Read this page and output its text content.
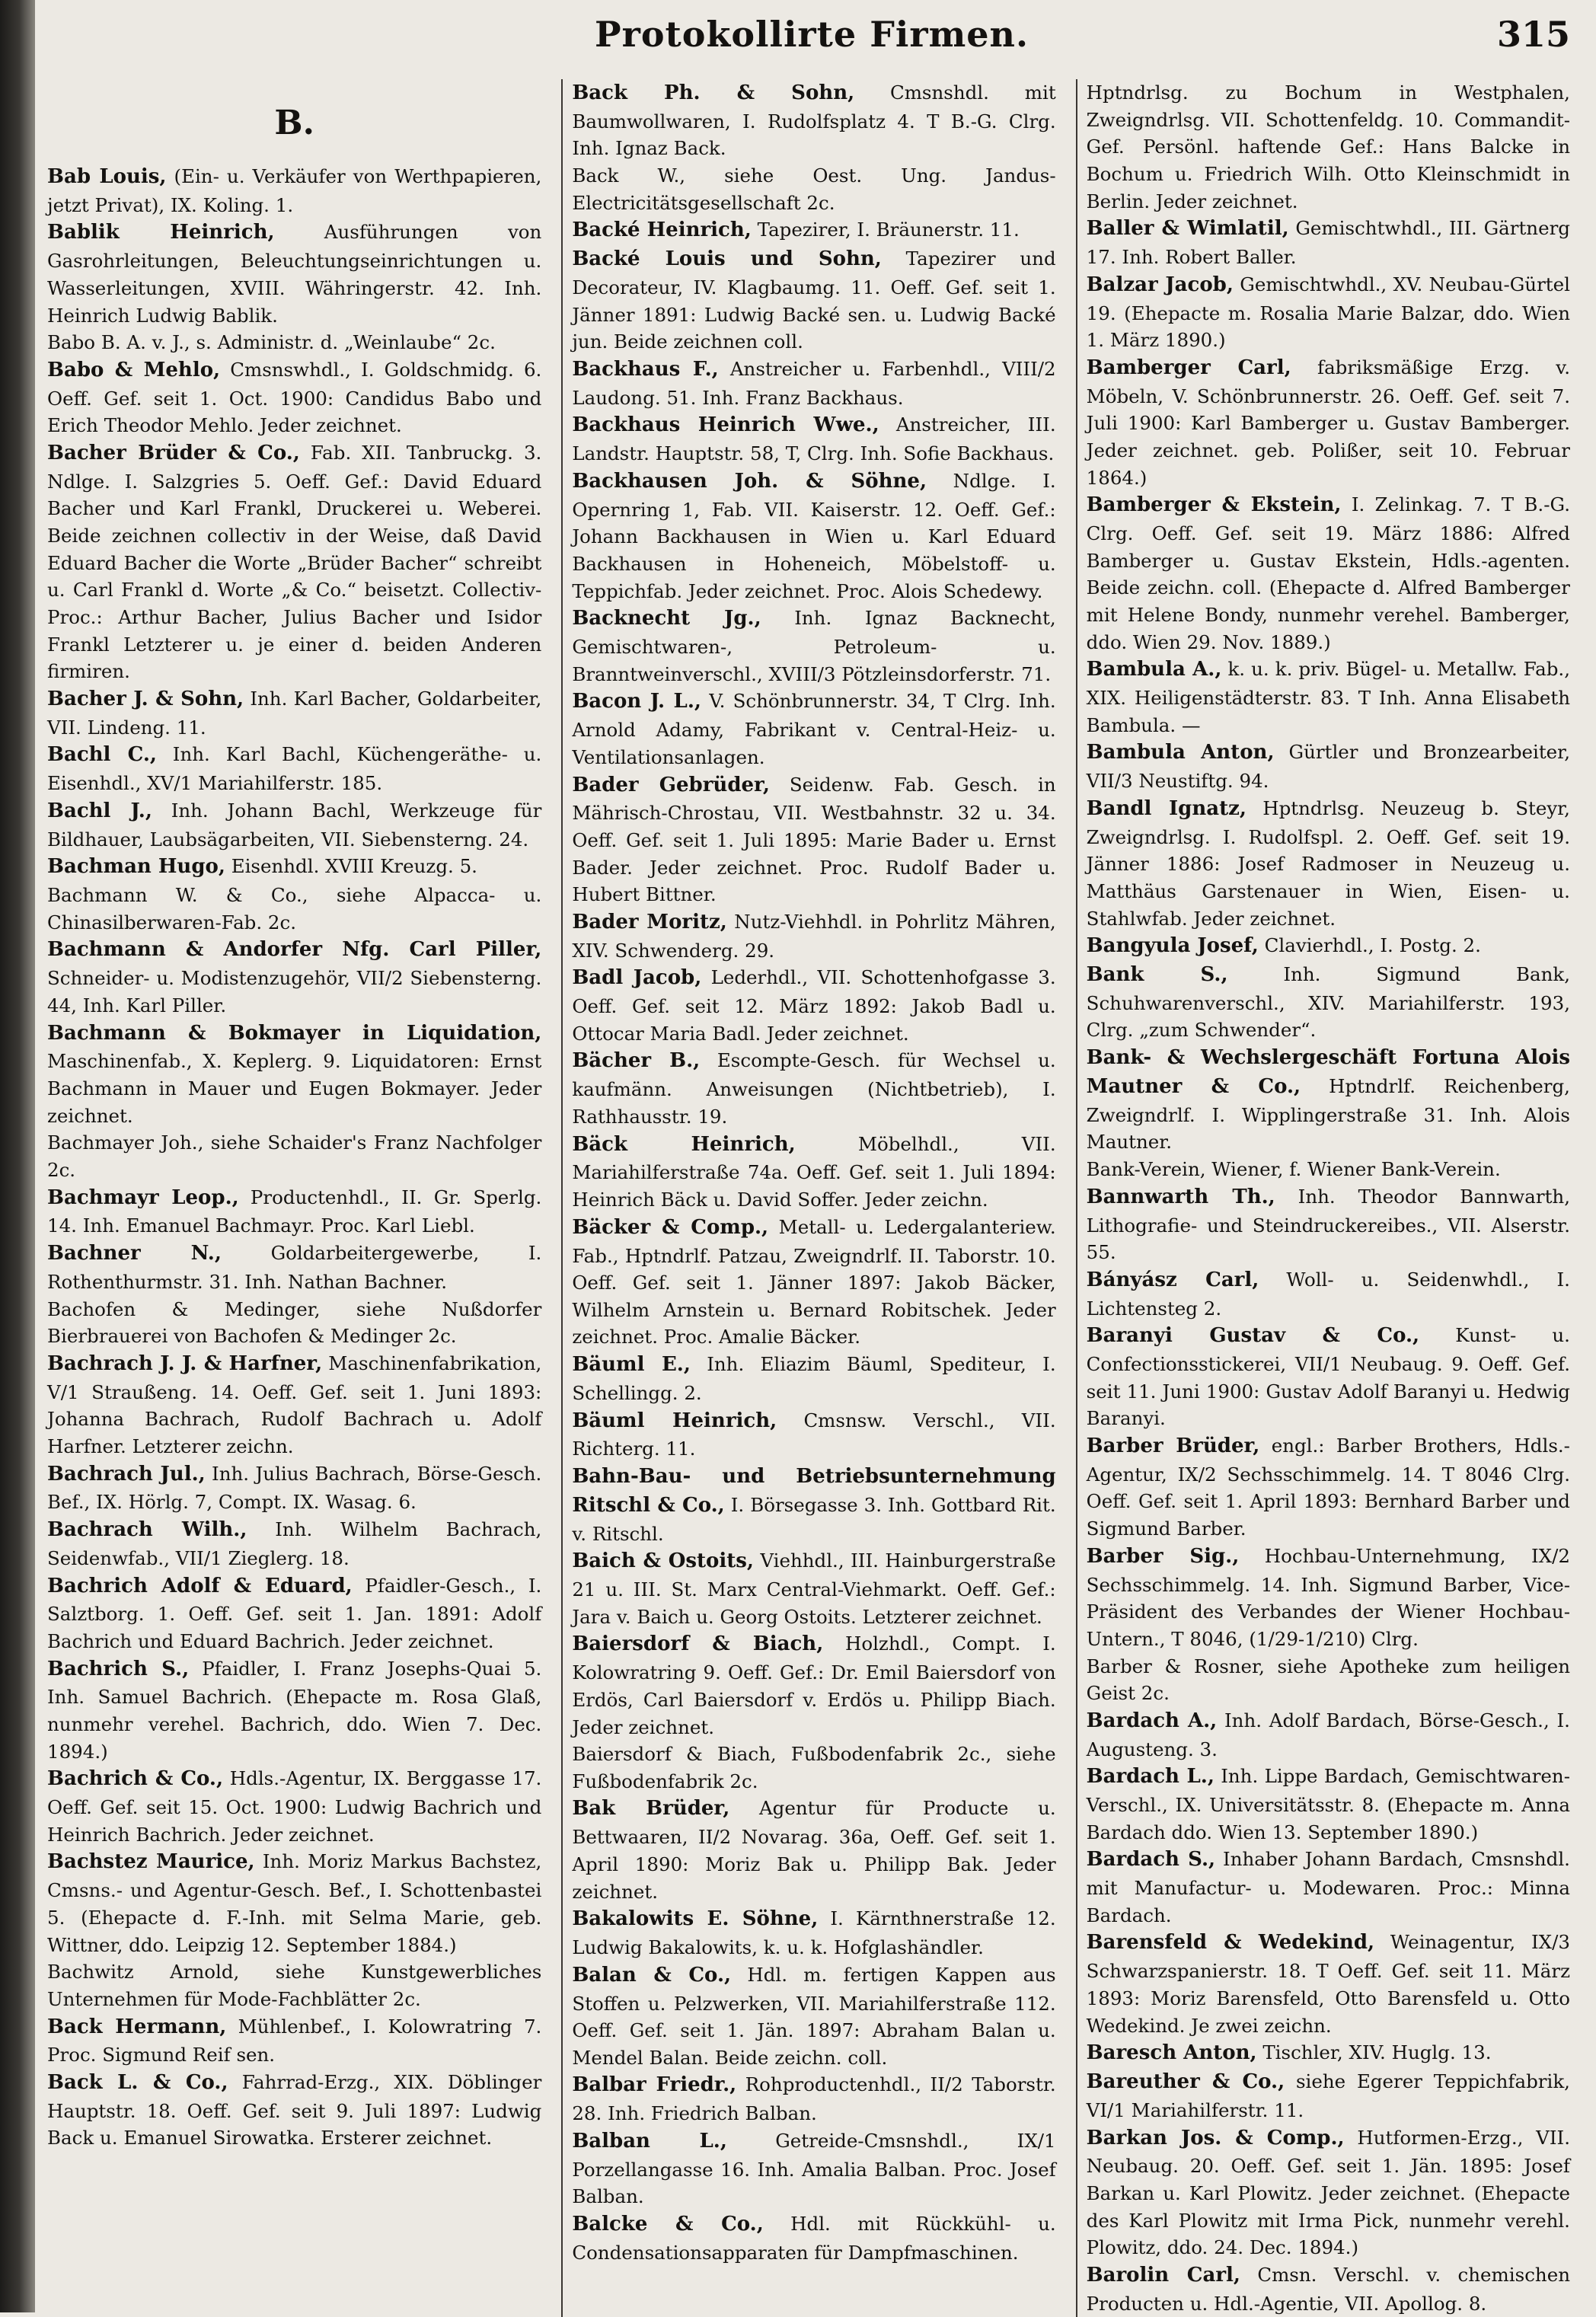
Protokollirte Firmen.	315
B.

Bab Louis, (Ein- u. Verkäufer von Werthpapieren, jetzt Privat), IX. Koling. 1.

Bablik Heinrich, Ausführungen von Gasrohrleitungen, Beleuchtungseinrichtungen u. Wasserleitungen, XVIII. Währingerstr. 42. Inh. Heinrich Ludwig Bablik.

Babo B. A. v. J., s. Administr. d. „Weinlaube“ 2c.

Babo & Mehlo, Cmsnswhdl., I. Goldschmidg. 6. Oeff. Gef. seit 1. Oct. 1900: Candidus Babo und Erich Theodor Mehlo. Jeder zeichnet.

Bacher Brüder & Co., Fab. XII. Tanbruckg. 3. Ndlge. I. Salzgries 5. Oeff. Gef.: David Eduard Bacher und Karl Frankl, Druckerei u. Weberei. Beide zeichnen collectiv in der Weise, daß David Eduard Bacher die Worte „Brüder Bacher“ schreibt u. Carl Frankl d. Worte „& Co.“ beisetzt. Collectiv-Proc.: Arthur Bacher, Julius Bacher und Isidor Frankl Letzterer u. je einer d. beiden Anderen firmiren.

Bacher J. & Sohn, Inh. Karl Bacher, Goldarbeiter, VII. Lindeng. 11.

Bachl C., Inh. Karl Bachl, Küchengeräthe- u. Eisenhdl., XV/1 Mariahilferstr. 185.

Bachl J., Inh. Johann Bachl, Werkzeuge für Bildhauer, Laubsägarbeiten, VII. Siebensterng. 24.

Bachman Hugo, Eisenhdl. XVIII Kreuzg. 5.

Bachmann W. & Co., siehe Alpacca- u. Chinasilberwaren-Fab. 2c.

Bachmann & Andorfer Nfg. Carl Piller, Schneider- u. Modistenzugehör, VII/2 Siebensterng. 44, Inh. Karl Piller.

Bachmann & Bokmayer in Liquidation, Maschinenfab., X. Keplerg. 9. Liquidatoren: Ernst Bachmann in Mauer und Eugen Bokmayer. Jeder zeichnet.

Bachmayer Joh., siehe Schaider's Franz Nachfolger 2c.

Bachmayr Leop., Productenhdl., II. Gr. Sperlg. 14. Inh. Emanuel Bachmayr. Proc. Karl Liebl.

Bachner N., Goldarbeitergewerbe, I. Rothenthurmstr. 31. Inh. Nathan Bachner.

Bachofen & Medinger, siehe Nußdorfer Bierbrauerei von Bachofen & Medinger 2c.

Bachrach J. J. & Harfner, Maschinenfabrikation, V/1 Straußeng. 14. Oeff. Gef. seit 1. Juni 1893: Johanna Bachrach, Rudolf Bachrach u. Adolf Harfner. Letzterer zeichn.

Bachrach Jul., Inh. Julius Bachrach, Börse-Gesch. Bef., IX. Hörlg. 7, Compt. IX. Wasag. 6.

Bachrach Wilh., Inh. Wilhelm Bachrach, Seidenwfab., VII/1 Zieglerg. 18.

Bachrich Adolf & Eduard, Pfaidler-Gesch., I. Salztborg. 1. Oeff. Gef. seit 1. Jan. 1891: Adolf Bachrich und Eduard Bachrich. Jeder zeichnet.

Bachrich S., Pfaidler, I. Franz Josephs-Quai 5. Inh. Samuel Bachrich. (Ehepacte m. Rosa Glaß, nunmehr verehel. Bachrich, ddo. Wien 7. Dec. 1894.)

Bachrich & Co., Hdls.-Agentur, IX. Berggasse 17. Oeff. Gef. seit 15. Oct. 1900: Ludwig Bachrich und Heinrich Bachrich. Jeder zeichnet.

Bachstez Maurice, Inh. Moriz Markus Bachstez, Cmsns.- und Agentur-Gesch. Bef., I. Schottenbastei 5. (Ehepacte d. F.-Inh. mit Selma Marie, geb. Wittner, ddo. Leipzig 12. September 1884.)

Bachwitz Arnold, siehe Kunstgewerbliches Unternehmen für Mode-Fachblätter 2c.

Back Hermann, Mühlenbef., I. Kolowratring 7. Proc. Sigmund Reif sen.

Back L. & Co., Fahrrad-Erzg., XIX. Döblinger Hauptstr. 18. Oeff. Gef. seit 9. Juli 1897: Ludwig Back u. Emanuel Sirowatka. Ersterer zeichnet.

Back Ph. & Sohn, Cmsnshdl. mit Baumwollwaren, I. Rudolfsplatz 4. T B.-G. Clrg. Inh. Ignaz Back.

Back W., siehe Oest. Ung. Jandus-Electricitätsgesellschaft 2c.

Backé Heinrich, Tapezirer, I. Bräunerstr. 11.

Backé Louis und Sohn, Tapezirer und Decorateur, IV. Klagbaumg. 11. Oeff. Gef. seit 1. Jänner 1891: Ludwig Backé sen. u. Ludwig Backé jun. Beide zeichnen coll.

Backhaus F., Anstreicher u. Farbenhdl., VIII/2 Laudong. 51. Inh. Franz Backhaus.

Backhaus Heinrich Wwe., Anstreicher, III. Landstr. Hauptstr. 58, T, Clrg. Inh. Sofie Backhaus.

Backhausen Joh. & Söhne, Ndlge. I. Opernring 1, Fab. VII. Kaiserstr. 12. Oeff. Gef.: Johann Backhausen in Wien u. Karl Eduard Backhausen in Hoheneich, Möbelstoff- u. Teppichfab. Jeder zeichnet. Proc. Alois Schedewy.

Backnecht Jg., Inh. Ignaz Backnecht, Gemischtwaren-, Petroleum- u. Branntweinverschl., XVIII/3 Pötzleinsdorferstr. 71.

Bacon J. L., V. Schönbrunnerstr. 34, T Clrg. Inh. Arnold Adamy, Fabrikant v. Central-Heiz- u. Ventilationsanlagen.

Bader Gebrüder, Seidenw. Fab. Gesch. in Mährisch-Chrostau, VII. Westbahnstr. 32 u. 34. Oeff. Gef. seit 1. Juli 1895: Marie Bader u. Ernst Bader. Jeder zeichnet. Proc. Rudolf Bader u. Hubert Bittner.

Bader Moritz, Nutz-Viehhdl. in Pohrlitz Mähren, XIV. Schwenderg. 29.

Badl Jacob, Lederhdl., VII. Schottenhofgasse 3. Oeff. Gef. seit 12. März 1892: Jakob Badl u. Ottocar Maria Badl. Jeder zeichnet.

Bächer B., Escompte-Gesch. für Wechsel u. kaufmänn. Anweisungen (Nichtbetrieb), I. Rathhausstr. 19.

Bäck Heinrich, Möbelhdl., VII. Mariahilferstraße 74a. Oeff. Gef. seit 1. Juli 1894: Heinrich Bäck u. David Soffer. Jeder zeichn.

Bäcker & Comp., Metall- u. Ledergalanteriew. Fab., Hptndrlf. Patzau, Zweigndrlf. II. Taborstr. 10. Oeff. Gef. seit 1. Jänner 1897: Jakob Bäcker, Wilhelm Arnstein u. Bernard Robitschek. Jeder zeichnet. Proc. Amalie Bäcker.

Bäuml E., Inh. Eliazim Bäuml, Spediteur, I. Schellingg. 2.

Bäuml Heinrich, Cmsnsw. Verschl., VII. Richterg. 11.

Bahn-Bau- und Betriebsunternehmung Ritschl & Co., I. Börsegasse 3. Inh. Gottbard Rit. v. Ritschl.

Baich & Ostoits, Viehhdl., III. Hainburgerstraße 21 u. III. St. Marx Central-Viehmarkt. Oeff. Gef.: Jara v. Baich u. Georg Ostoits. Letzterer zeichnet.

Baiersdorf & Biach, Holzhdl., Compt. I. Kolowratring 9. Oeff. Gef.: Dr. Emil Baiersdorf von Erdös, Carl Baiersdorf v. Erdös u. Philipp Biach. Jeder zeichnet.

Baiersdorf & Biach, Fußbodenfabrik 2c., siehe Fußbodenfabrik 2c.

Bak Brüder, Agentur für Producte u. Bettwaaren, II/2 Novarag. 36a, Oeff. Gef. seit 1. April 1890: Moriz Bak u. Philipp Bak. Jeder zeichnet.

Bakalowits E. Söhne, I. Kärnthnerstraße 12. Ludwig Bakalowits, k. u. k. Hofglashändler.

Balan & Co., Hdl. m. fertigen Kappen aus Stoffen u. Pelzwerken, VII. Mariahilferstraße 112. Oeff. Gef. seit 1. Jän. 1897: Abraham Balan u. Mendel Balan. Beide zeichn. coll.

Balbar Friedr., Rohproductenhdl., II/2 Taborstr. 28. Inh. Friedrich Balban.

Balban L., Getreide-Cmsnshdl., IX/1 Porzellangasse 16. Inh. Amalia Balban. Proc. Josef Balban.

Balcke & Co., Hdl. mit Rückkühl- u. Condensationsapparaten für Dampfmaschinen.

Hptndrlsg. zu Bochum in Westphalen, Zweigndrlsg. VII. Schottenfeldg. 10. Commandit-Gef. Persönl. haftende Gef.: Hans Balcke in Bochum u. Friedrich Wilh. Otto Kleinschmidt in Berlin. Jeder zeichnet.

Baller & Wimlatil, Gemischtwhdl., III. Gärtnerg 17. Inh. Robert Baller.

Balzar Jacob, Gemischtwhdl., XV. Neubau-Gürtel 19. (Ehepacte m. Rosalia Marie Balzar, ddo. Wien 1. März 1890.)

Bamberger Carl, fabriksmäßige Erzg. v. Möbeln, V. Schönbrunnerstr. 26. Oeff. Gef. seit 7. Juli 1900: Karl Bamberger u. Gustav Bamberger. Jeder zeichnet. geb. Polißer, seit 10. Februar 1864.)

Bamberger & Ekstein, I. Zelinkag. 7. T B.-G. Clrg. Oeff. Gef. seit 19. März 1886: Alfred Bamberger u. Gustav Ekstein, Hdls.-agenten. Beide zeichn. coll. (Ehepacte d. Alfred Bamberger mit Helene Bondy, nunmehr verehel. Bamberger, ddo. Wien 29. Nov. 1889.)

Bambula A., k. u. k. priv. Bügel- u. Metallw. Fab., XIX. Heiligenstädterstr. 83. T Inh. Anna Elisabeth Bambula. —

Bambula Anton, Gürtler und Bronzearbeiter, VII/3 Neustiftg. 94.

Bandl Ignatz, Hptndrlsg. Neuzeug b. Steyr, Zweigndrlsg. I. Rudolfspl. 2. Oeff. Gef. seit 19. Jänner 1886: Josef Radmoser in Neuzeug u. Matthäus Garstenauer in Wien, Eisen- u. Stahlwfab. Jeder zeichnet.

Bangyula Josef, Clavierhdl., I. Postg. 2.

Bank S., Inh. Sigmund Bank, Schuhwarenverschl., XIV. Mariahilferstr. 193, Clrg. „zum Schwender“.

Bank- & Wechslergeschäft Fortuna Alois Mautner & Co., Hptndrlf. Reichenberg, Zweigndrlf. I. Wipplingerstraße 31. Inh. Alois Mautner.

Bank-Verein, Wiener, f. Wiener Bank-Verein.

Bannwarth Th., Inh. Theodor Bannwarth, Lithografie- und Steindruckereibes., VII. Alserstr. 55.

Bányász Carl, Woll- u. Seidenwhdl., I. Lichtensteg 2.

Baranyi Gustav & Co., Kunst- u. Confectionsstickerei, VII/1 Neubaug. 9. Oeff. Gef. seit 11. Juni 1900: Gustav Adolf Baranyi u. Hedwig Baranyi.

Barber Brüder, engl.: Barber Brothers, Hdls.-Agentur, IX/2 Sechsschimmelg. 14. T 8046 Clrg. Oeff. Gef. seit 1. April 1893: Bernhard Barber und Sigmund Barber.

Barber Sig., Hochbau-Unternehmung, IX/2 Sechsschimmelg. 14. Inh. Sigmund Barber, Vice-Präsident des Verbandes der Wiener Hochbau-Untern., T 8046, (1/29-1/210) Clrg.

Barber & Rosner, siehe Apotheke zum heiligen Geist 2c.

Bardach A., Inh. Adolf Bardach, Börse-Gesch., I. Augusteng. 3.

Bardach L., Inh. Lippe Bardach, Gemischtwaren-Verschl., IX. Universitätsstr. 8. (Ehepacte m. Anna Bardach ddo. Wien 13. September 1890.)

Bardach S., Inhaber Johann Bardach, Cmsnshdl. mit Manufactur- u. Modewaren. Proc.: Minna Bardach.

Barensfeld & Wedekind, Weinagentur, IX/3 Schwarzspanierstr. 18. T Oeff. Gef. seit 11. März 1893: Moriz Barensfeld, Otto Barensfeld u. Otto Wedekind. Je zwei zeichn.

Baresch Anton, Tischler, XIV. Huglg. 13.

Bareuther & Co., siehe Egerer Teppichfabrik, VI/1 Mariahilferstr. 11.

Barkan Jos. & Comp., Hutformen-Erzg., VII. Neubaug. 20. Oeff. Gef. seit 1. Jän. 1895: Josef Barkan u. Karl Plowitz. Jeder zeichnet. (Ehepacte des Karl Plowitz mit Irma Pick, nunmehr verehl. Plowitz, ddo. 24. Dec. 1894.)

Barolin Carl, Cmsn. Verschl. v. chemischen Producten u. Hdl.-Agentie, VII. Apollog. 8.
